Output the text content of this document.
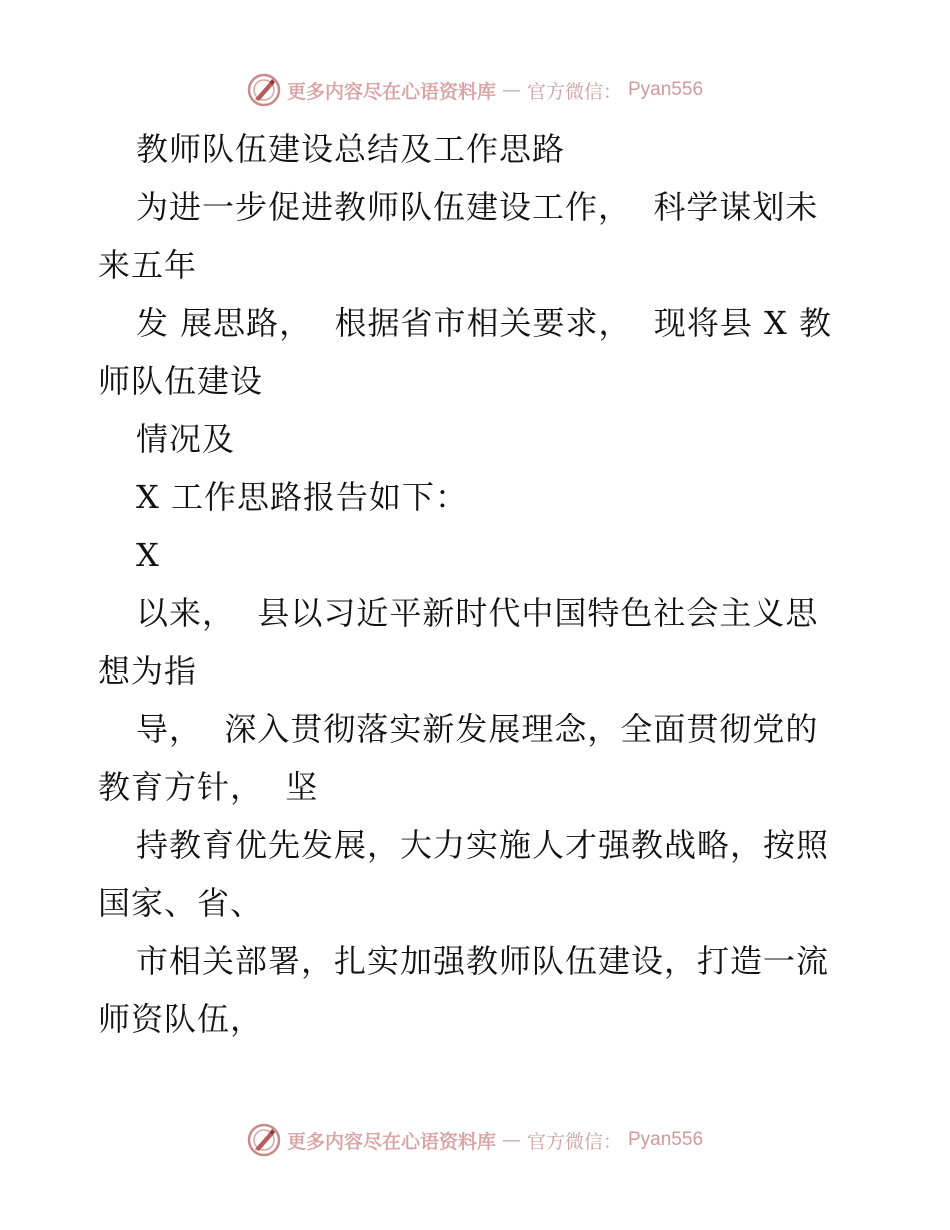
更多内容尽在心语资料库 — 官方微信： Pyan556
教师队伍建设总结及工作思路
为进一步促进教师队伍建设工作，  科学谋划未
来五年
发 展思路，  根据省市相关要求，  现将县 X 教
师队伍建设
情况及
X 工作思路报告如下：
X
以来，  县以习近平新时代中国特色社会主义思
想为指
导，  深入贯彻落实新发展理念，全面贯彻党的
教育方针，  坚
持教育优先发展，大力实施人才强教战略，按照
国家、省、
市相关部署，扎实加强教师队伍建设，打造一流
师资队伍，
更多内容尽在心语资料库 — 官方微信： Pyan556
